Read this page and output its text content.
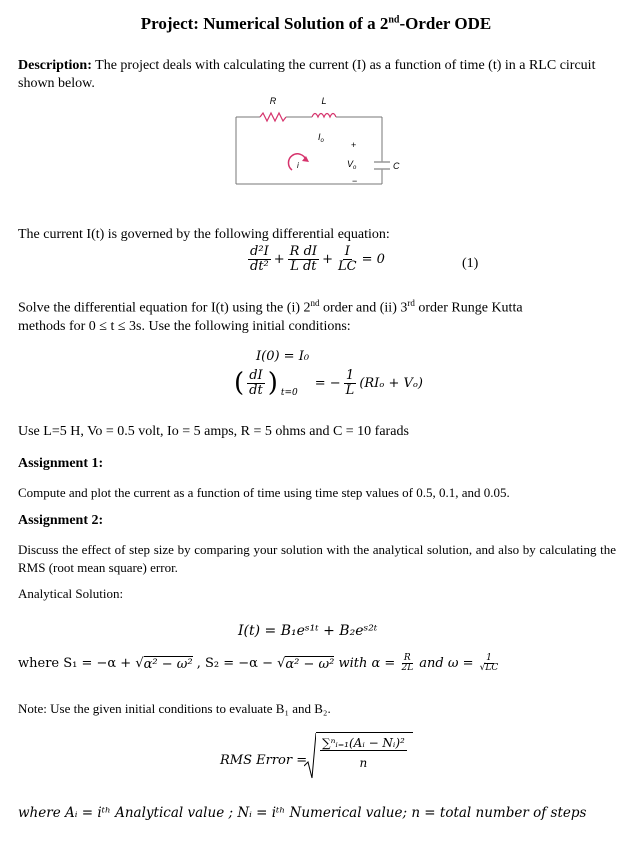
Project: Numerical Solution of a 2nd-Order ODE
Description: The project deals with calculating the current (I) as a function of time (t) in a RLC circuit shown below.
R	L
$I_o$
i
+
$V_o$
−
C
The current I(t) is governed by the following differential equation:
$\frac{\text{d²I}}{\text{dt²}} + \frac{\text{R dI}}{\text{L dt}} + \frac{I}{LC} = 0$	(1)
Solve the differential equation for I(t) using the (i) 2nd order and (ii) 3rd order Runge Kutta
methods for 0 ≤ t ≤ 3s. Use the following initial conditions:
I(0) = I₀
( $\frac{dI}{dt}$ ) t=0
= − $\frac{1}{L} (RI_o + V_o)$
Use L=5 H, Vo = 0.5 volt, Io = 5 amps, R = 5 ohms and C = 10 farads
Assignment 1:
Compute and plot the current as a function of time using time step values of 0.5, 0.1, and 0.05.
Assignment 2:
Discuss the effect of step size by comparing your solution with the analytical solution, and also by calculating the RMS (root mean square) error.
Analytical Solution:
I(t) = B₁eˢ¹ᵗ + B₂eˢ²ᵗ
where S₁ = −α + √ α² − ω² , S₂ = −α − √ α² − ω² with $\alpha = \frac{R}{2L}$ and $\omega = \frac{1}{√LC}$
Note: Use the given initial conditions to evaluate B₁ and B₂.
RMS Error = $\frac{\text{∑ⁿᵢ₌₁(Aᵢ − Nᵢ)²}}{n}$
where Aᵢ = iᵗʰ Analytical value ; Nᵢ = iᵗʰ Numerical value; n = total number of steps
